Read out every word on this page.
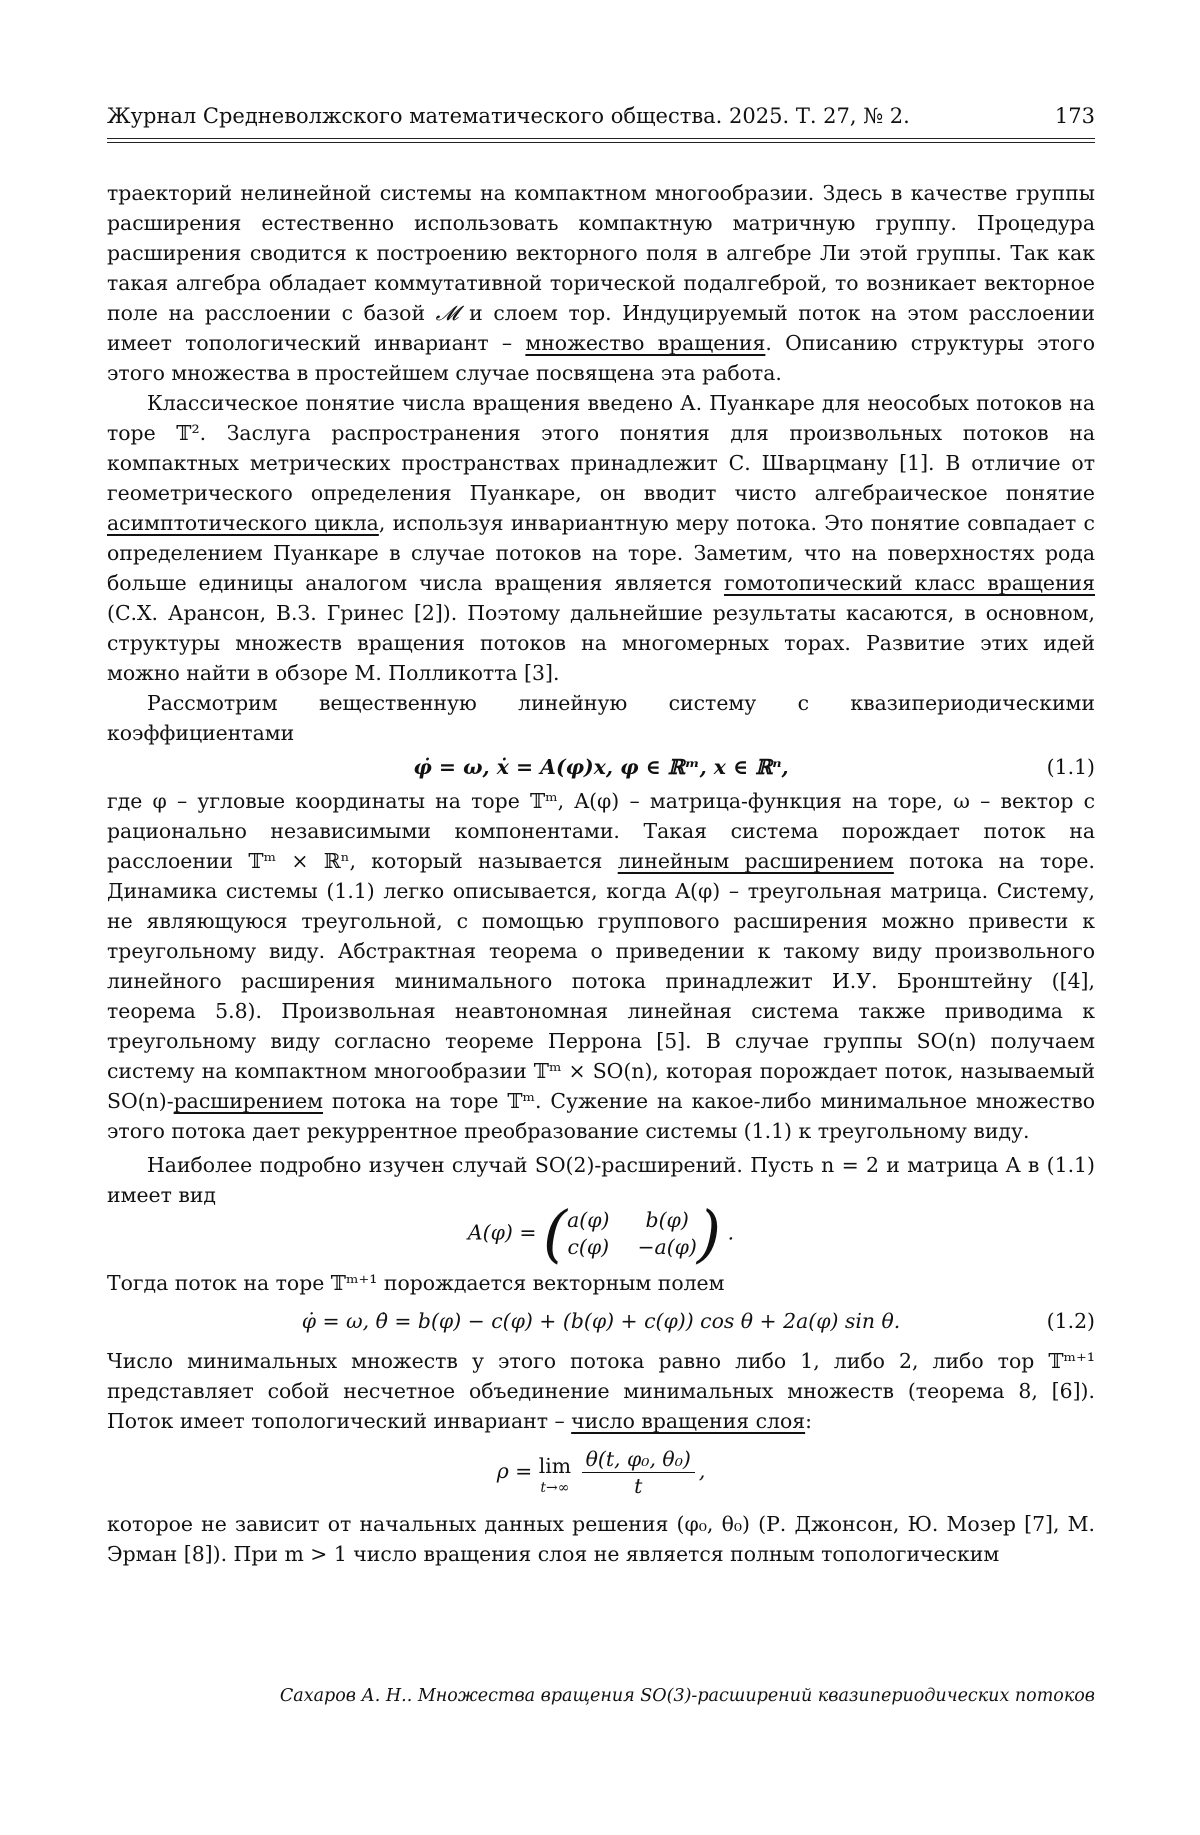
Журнал Средневолжского математического общества. 2025. Т. 27, № 2.	173

траекторий нелинейной системы на компактном многообразии. Здесь в качестве группы расширения естественно использовать компактную матричную группу. Процедура расширения сводится к построению векторного поля в алгебре Ли этой группы. Так как такая алгебра обладает коммутативной торической подалгеброй, то возникает векторное поле на расслоении с базой 𝓜 и слоем тор. Индуцируемый поток на этом расслоении имеет топологический инвариант – множество вращения. Описанию структуры этого этого множества в простейшем случае посвящена эта работа.

Классическое понятие числа вращения введено А. Пуанкаре для неособых потоков на торе 𝕋². Заслуга распространения этого понятия для произвольных потоков на компактных метрических пространствах принадлежит С. Шварцману [1]. В отличие от геометрического определения Пуанкаре, он вводит чисто алгебраическое понятие асимптотического цикла, используя инвариантную меру потока. Это понятие совпадает с определением Пуанкаре в случае потоков на торе. Заметим, что на поверхностях рода больше единицы аналогом числа вращения является гомотопический класс вращения (С.Х. Арансон, В.З. Гринес [2]). Поэтому дальнейшие результаты касаются, в основном, структуры множеств вращения потоков на многомерных торах. Развитие этих идей можно найти в обзоре М. Полликотта [3].

Рассмотрим вещественную линейную систему с квазипериодическими коэффициентами

φ̇ = ω, ẋ = A(φ)x, φ ∈ ℝᵐ, x ∈ ℝⁿ,	(1.1)

где φ – угловые координаты на торе 𝕋ᵐ, A(φ) – матрица-функция на торе, ω – вектор с рационально независимыми компонентами. Такая система порождает поток на расслоении 𝕋ᵐ × ℝⁿ, который называется линейным расширением потока на торе. Динамика системы (1.1) легко описывается, когда A(φ) – треугольная матрица. Систему, не являющуюся треугольной, с помощью группового расширения можно привести к треугольному виду. Абстрактная теорема о приведении к такому виду произвольного линейного расширения минимального потока принадлежит И.У. Бронштейну ([4], теорема 5.8). Произвольная неавтономная линейная система также приводима к треугольному виду согласно теореме Перрона [5]. В случае группы SO(n) получаем систему на компактном многообразии 𝕋ᵐ × SO(n), которая порождает поток, называемый SO(n)-расширением потока на торе 𝕋ᵐ. Сужение на какое-либо минимальное множество этого потока дает рекуррентное преобразование системы (1.1) к треугольному виду.

Наиболее подробно изучен случай SO(2)-расширений. Пусть n = 2 и матрица A в (1.1) имеет вид

A(φ) = ( a(φ)	b(φ)
c(φ) −a(φ) ) .

Тогда поток на торе 𝕋ᵐ⁺¹ порождается векторным полем

φ̇ = ω, θ̇ = b(φ) − c(φ) + (b(φ) + c(φ)) cos θ + 2a(φ) sin θ.	(1.2)

Число минимальных множеств у этого потока равно либо 1, либо 2, либо тор 𝕋ᵐ⁺¹ представляет собой несчетное объединение минимальных множеств (теорема 8, [6]). Поток имеет топологический инвариант – число вращения слоя:

ρ = lim
t→∞
$\frac{\text{θ(t, φ₀, θ₀)}}{t}$ ,

которое не зависит от начальных данных решения (φ₀, θ₀) (Р. Джонсон, Ю. Мозер [7], М. Эрман [8]). При m > 1 число вращения слоя не является полным топологическим

Сахаров А. Н.. Множества вращения SO(3)-расширений квазипериодических потоков
